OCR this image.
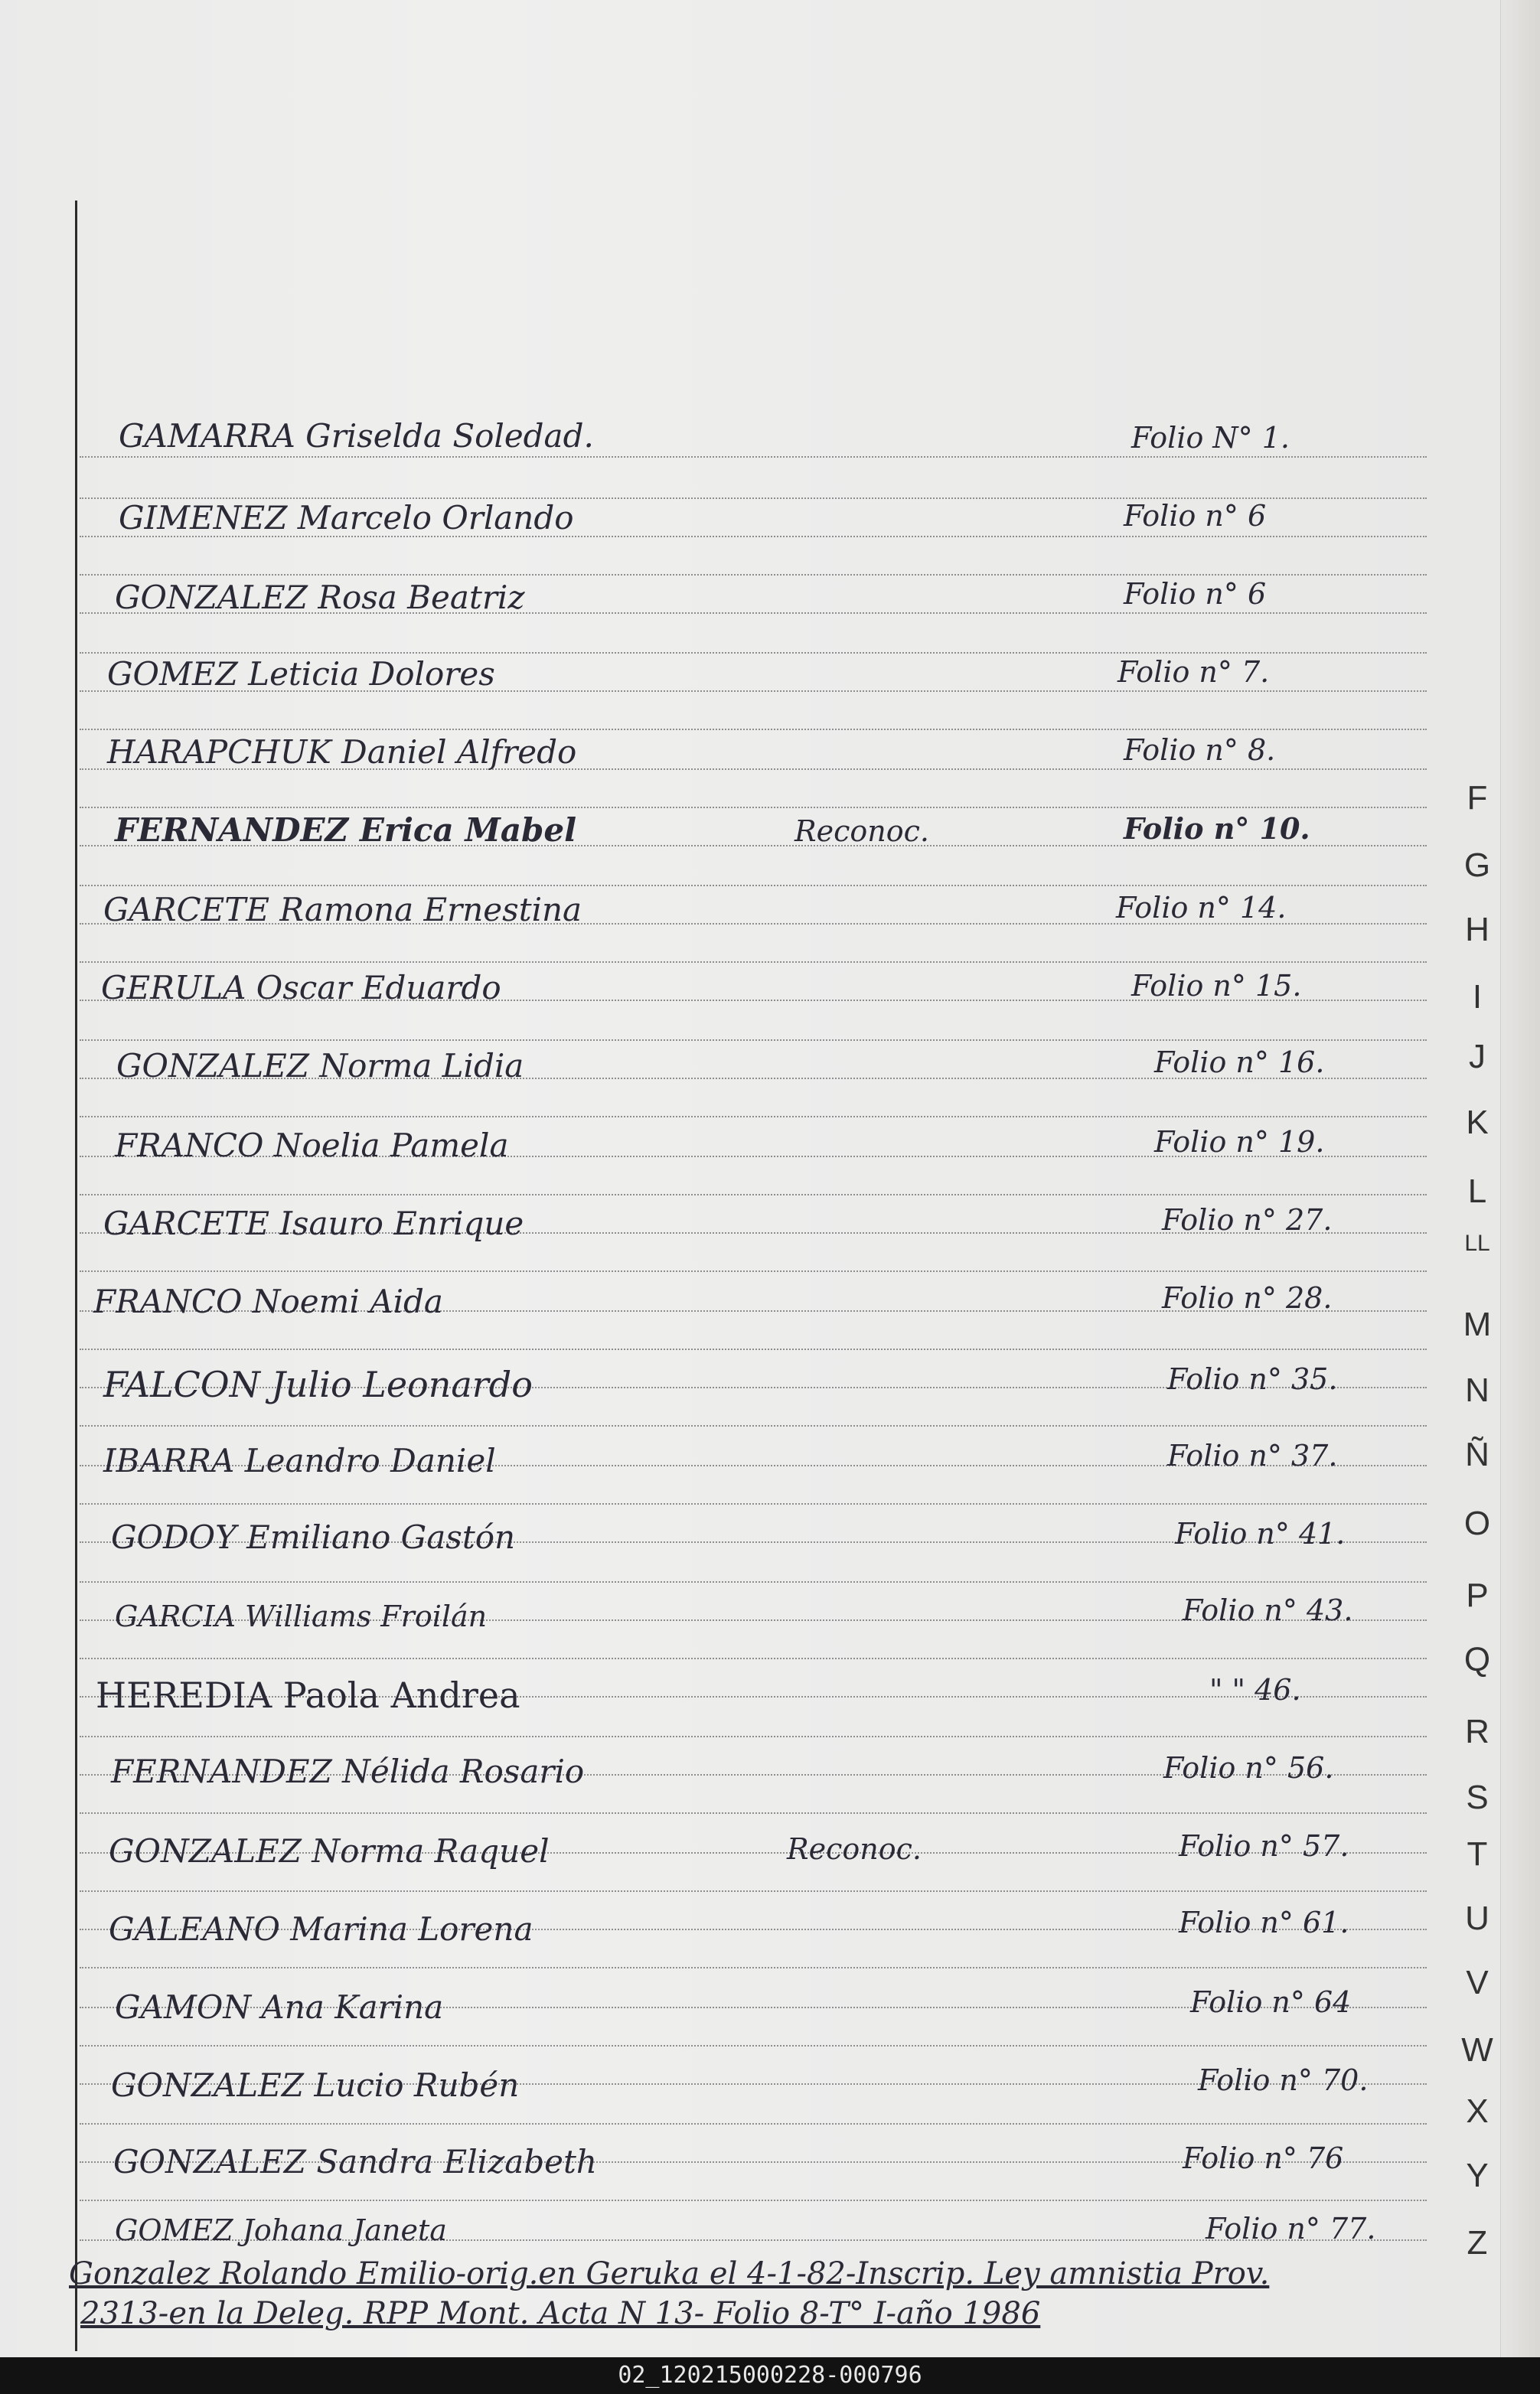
GAMARRA Griselda Soledad.	Folio N° 1.
GIMENEZ Marcelo Orlando	Folio n° 6
GONZALEZ Rosa Beatriz	Folio n° 6
GOMEZ Leticia Dolores	Folio n° 7.
HARAPCHUK Daniel Alfredo	Folio n° 8.
FERNANDEZ Erica Mabel	Reconoc.	Folio n° 10.
GARCETE Ramona Ernestina	Folio n° 14.
GERULA Oscar Eduardo	Folio n° 15.
GONZALEZ Norma Lidia	Folio n° 16.
FRANCO Noelia Pamela	Folio n° 19.
GARCETE Isauro Enrique	Folio n° 27.
FRANCO Noemi Aida	Folio n° 28.
FALCON Julio Leonardo	Folio n° 35.
IBARRA Leandro Daniel	Folio n° 37.
GODOY Emiliano Gastón	Folio n° 41.
GARCIA Williams Froilán	Folio n° 43.
HEREDIA Paola Andrea	" " 46.
FERNANDEZ Nélida Rosario	Folio n° 56.
GONZALEZ Norma Raquel	Reconoc.	Folio n° 57.
GALEANO Marina Lorena	Folio n° 61.
GAMON Ana Karina	Folio n° 64
GONZALEZ Lucio Rubén	Folio n° 70.
GONZALEZ Sandra Elizabeth	Folio n° 76
GOMEZ Johana Janeta	Folio n° 77.
Gonzalez Rolando Emilio-orig.en Geruka el 4-1-82-Inscrip. Ley amnistia Prov.
2313-en la Deleg. RPP Mont. Acta N 13- Folio 8-T° I-año 1986
F
G
H
I
J
K
L
LL
M
N
Ñ
O
P
Q
R
S
T
U
V
W
X
Y
Z
02_120215000228-000796
